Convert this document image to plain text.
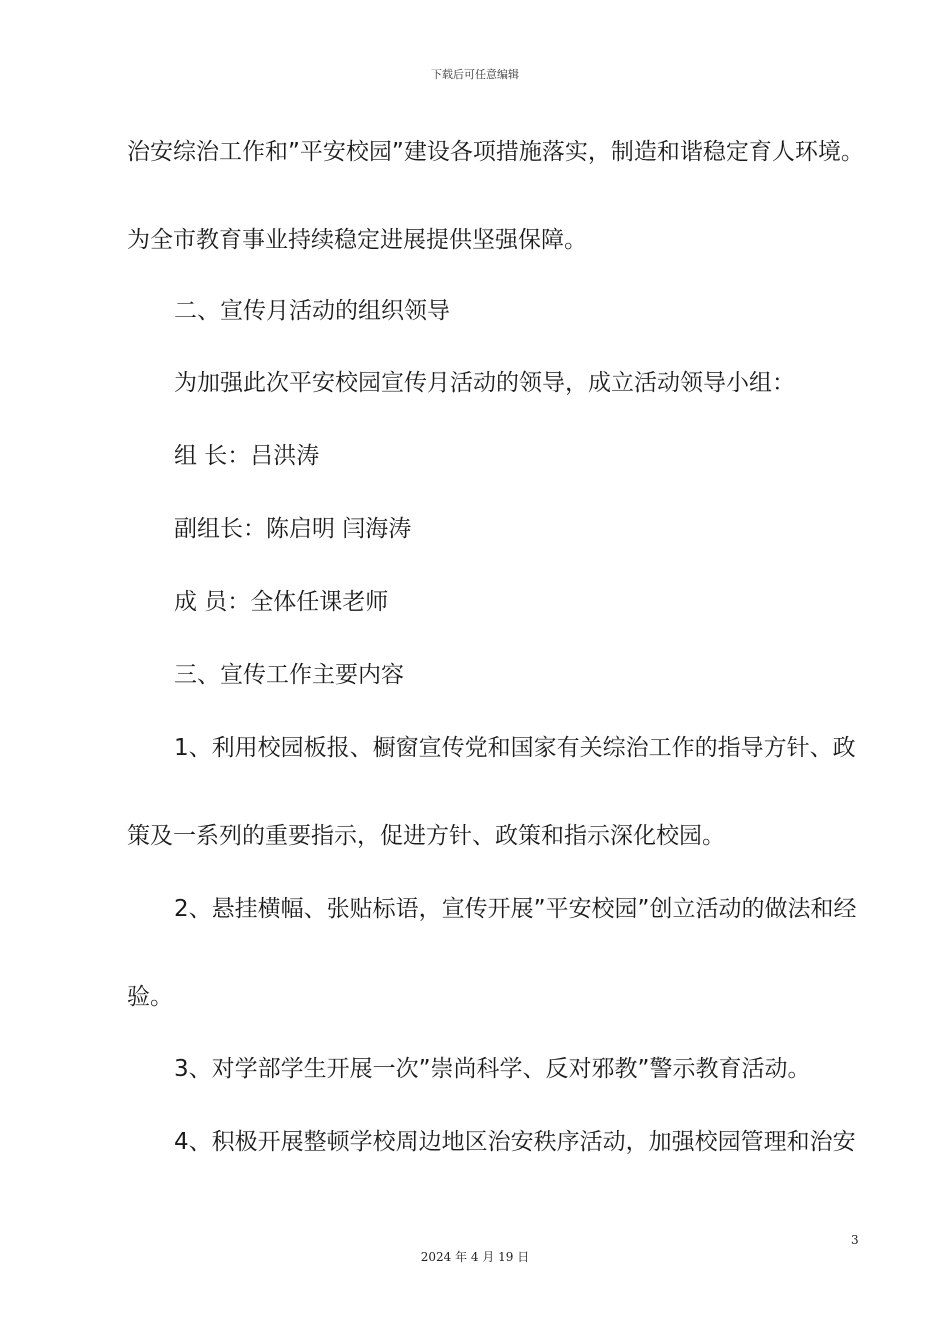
下载后可任意编辑
治安综治工作和”平安校园”建设各项措施落实，制造和谐稳定育人环境。
为全市教育事业持续稳定进展提供坚强保障。
二、宣传月活动的组织领导
为加强此次平安校园宣传月活动的领导，成立活动领导小组：
组 长：吕洪涛
副组长：陈启明 闫海涛
成 员：全体任课老师
三、宣传工作主要内容
1、利用校园板报、橱窗宣传党和国家有关综治工作的指导方针、政
策及一系列的重要指示，促进方针、政策和指示深化校园。
2、悬挂横幅、张贴标语，宣传开展”平安校园”创立活动的做法和经
验。
3、对学部学生开展一次”崇尚科学、反对邪教”警示教育活动。
4、积极开展整顿学校周边地区治安秩序活动，加强校园管理和治安
3
2024 年 4 月 19 日
